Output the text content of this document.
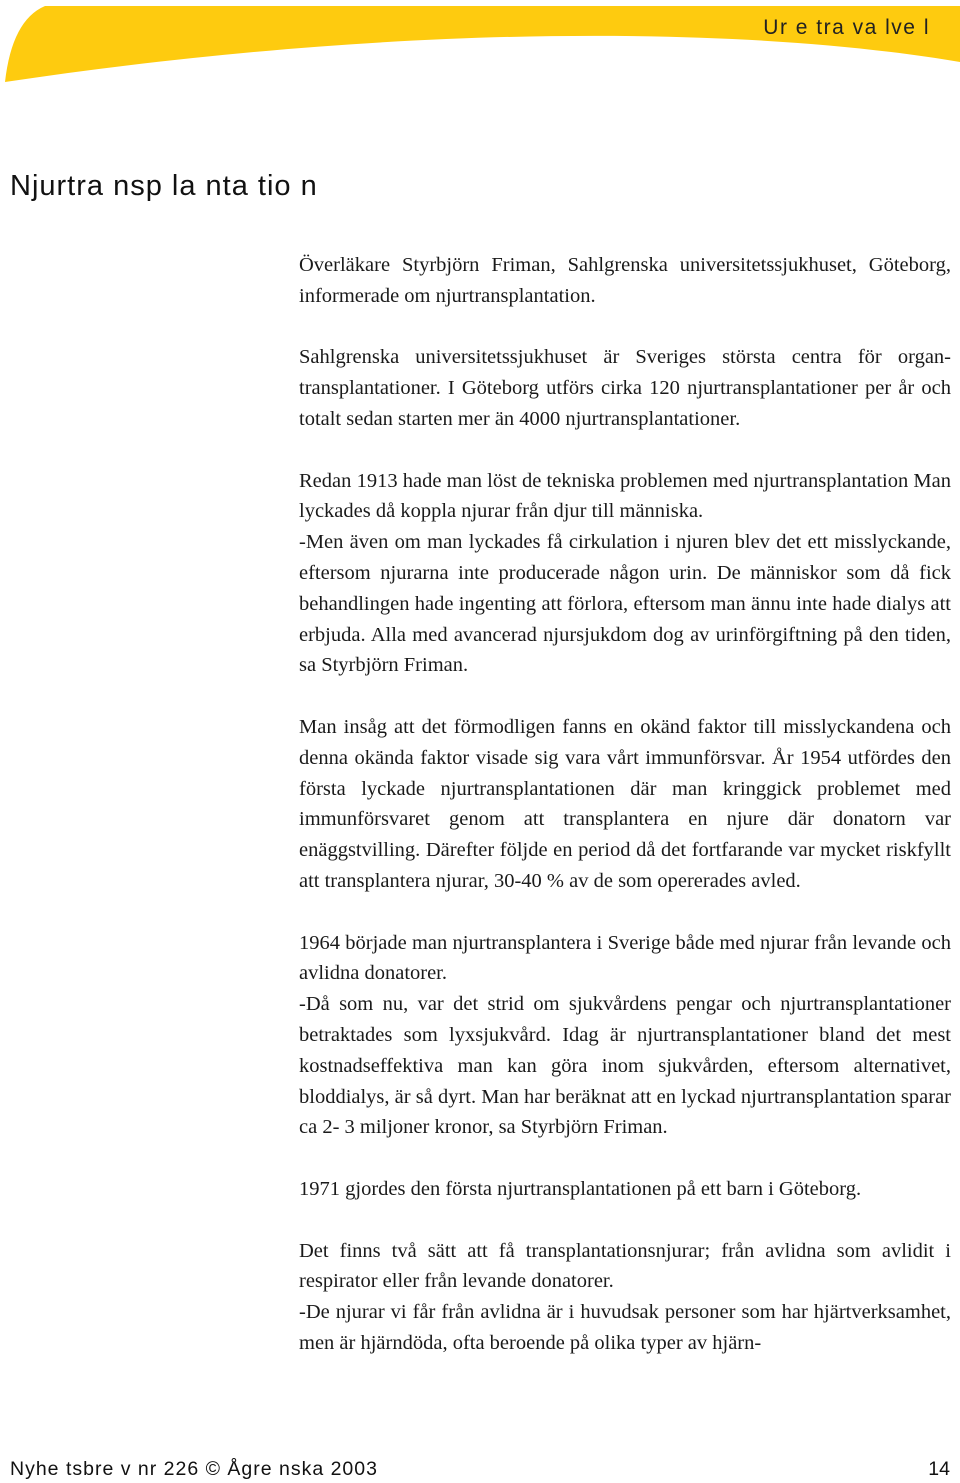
Ur e tra va lve l
Njurtra nsp la nta tio n

Överläkare Styrbjörn Friman, Sahlgrenska universitetssjukhuset, Göteborg, informerade om njurtransplantation.

Sahlgrenska universitetssjukhuset är Sveriges största centra för organtransplantationer. I Göteborg utförs cirka 120 njurtransplantationer per år och totalt sedan starten mer än 4000 njurtransplantationer.

Redan 1913 hade man löst de tekniska problemen med njurtransplantation Man lyckades då koppla njurar från djur till människa.

-Men även om man lyckades få cirkulation i njuren blev det ett misslyckande, eftersom njurarna inte producerade någon urin. De människor som då fick behandlingen hade ingenting att förlora, eftersom man ännu inte hade dialys att erbjuda. Alla med avancerad njursjukdom dog av urinförgiftning på den tiden, sa Styrbjörn Friman.

Man insåg att det förmodligen fanns en okänd faktor till misslyckandena och denna okända faktor visade sig vara vårt immunförsvar. År 1954 utfördes den första lyckade njurtransplantationen där man kringgick problemet med immunförsvaret genom att transplantera en njure där donatorn var enäggstvilling. Därefter följde en period då det fortfarande var mycket riskfyllt att transplantera njurar, 30-40 % av de som opererades avled.

1964 började man njurtransplantera i Sverige både med njurar från levande och avlidna donatorer.

-Då som nu, var det strid om sjukvårdens pengar och njurtransplantationer betraktades som lyxsjukvård. Idag är njurtransplantationer bland det mest kostnadseffektiva man kan göra inom sjukvården, eftersom alternativet, bloddialys, är så dyrt. Man har beräknat att en lyckad njurtransplantation sparar ca 2- 3 miljoner kronor, sa Styrbjörn Friman.

1971 gjordes den första njurtransplantationen på ett barn i Göteborg.

Det finns två sätt att få transplantationsnjurar; från avlidna som avlidit i respirator eller från levande donatorer.

-De njurar vi får från avlidna är i huvudsak personer som har hjärtverksamhet, men är hjärndöda, ofta beroende på olika typer av hjärn-

Nyhe tsbre v nr 226 © Ågre nska 2003	14
